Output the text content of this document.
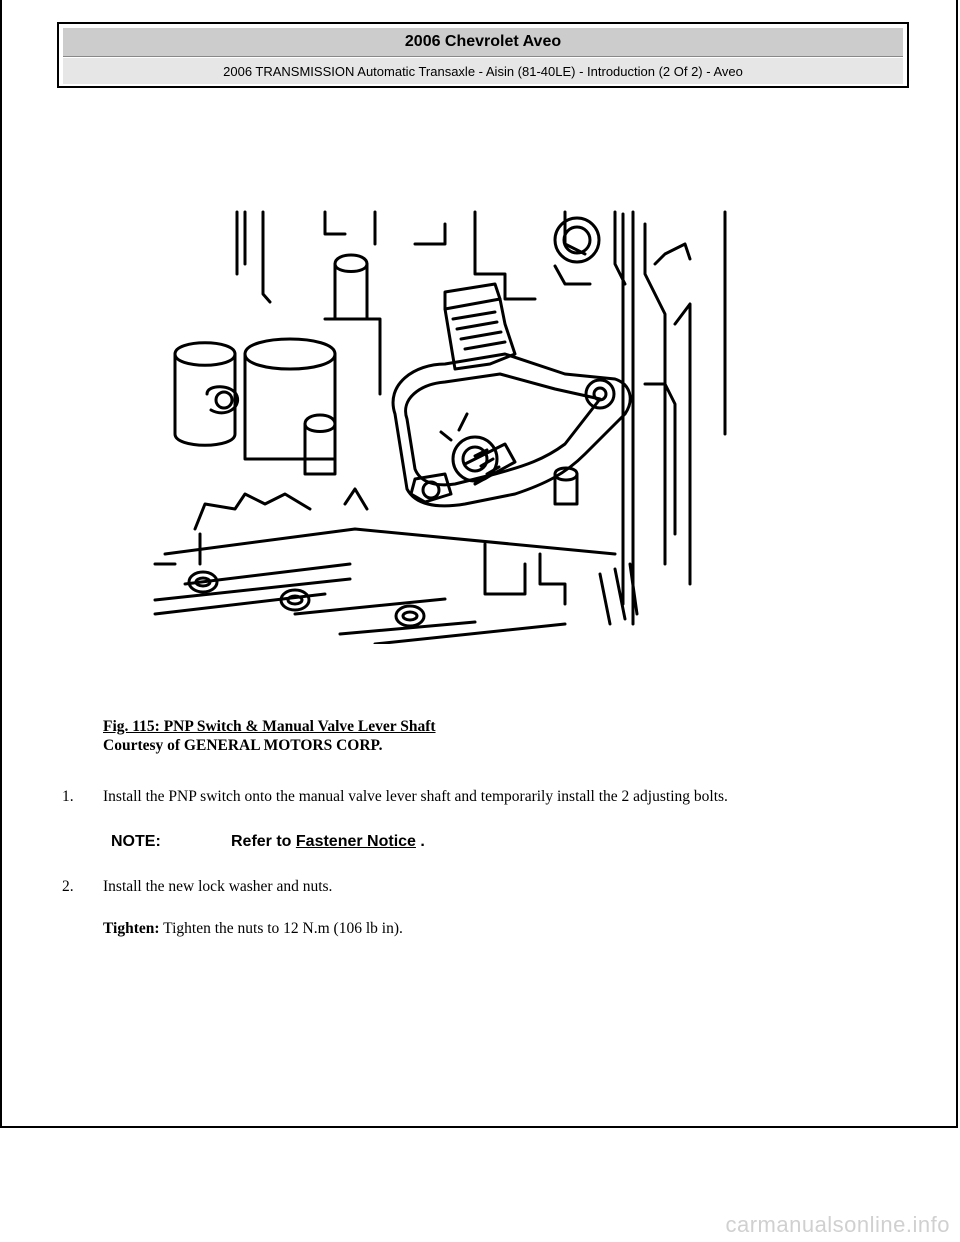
2006 Chevrolet Aveo
2006 TRANSMISSION Automatic Transaxle - Aisin (81-40LE) - Introduction (2 Of 2) - Aveo
Fig. 115: PNP Switch & Manual Valve Lever Shaft
Courtesy of GENERAL MOTORS CORP.
1. Install the PNP switch onto the manual valve lever shaft and temporarily install the 2 adjusting bolts.
NOTE:	Refer to Fastener Notice .
2. Install the new lock washer and nuts.
Tighten: Tighten the nuts to 12 N.m (106 lb in).
carmanualsonline.info
